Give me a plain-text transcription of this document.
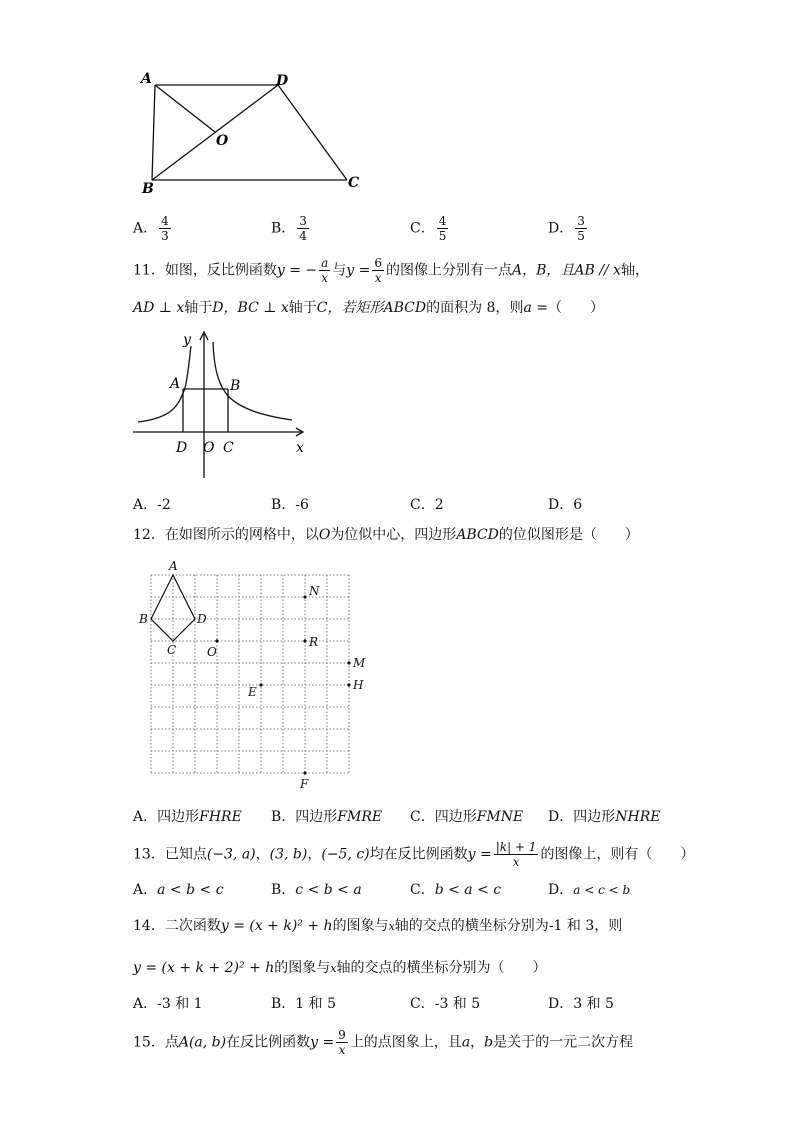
A	D
O
B	C
A． $\frac{4}{3}$	B． $\frac{3}{4}$	C． $\frac{4}{5}$	D． $\frac{3}{5}$
11．如图，反比例函数y = − $\frac{a}{x}$ 与$y = \frac{6}{x}$ 的图像上分别有一点A，B，且AB // x轴，
AD ⊥ x轴于D，BC ⊥ x轴于C，若矩形ABCD的面积为 8，则a =（　　）
y
A	B
D O C	x
A．-2	B．-6	C．2	D．6
12．在如图所示的网格中，以O为位似中心，四边形ABCD的位似图形是（　　）
A
B	D
C	O
N
R
M
H
E
F
A．四边形FHRE B．四边形FMRE C．四边形FMNE D．四边形NHRE
13．已知点(−3, a)，(3, b)，(−5, c)均在反比例函数$y = \frac{|k| + 1}{x}$ 的图像上，则有（　　）
A．a < b < c	B．c < b < a	C．b < a < c	D．a < c < b
14．二次函数y = (x + k)² + h的图象与x轴的交点的横坐标分别为-1 和 3，则
y = (x + k + 2)² + h的图象与x轴的交点的横坐标分别为（　　）
A．-3 和 1	B．1 和 5	C．-3 和 5	D．3 和 5
15．点A(a, b)在反比例函数$y = \frac{9}{x}$ 上的点图象上，且a，b是关于的一元二次方程
